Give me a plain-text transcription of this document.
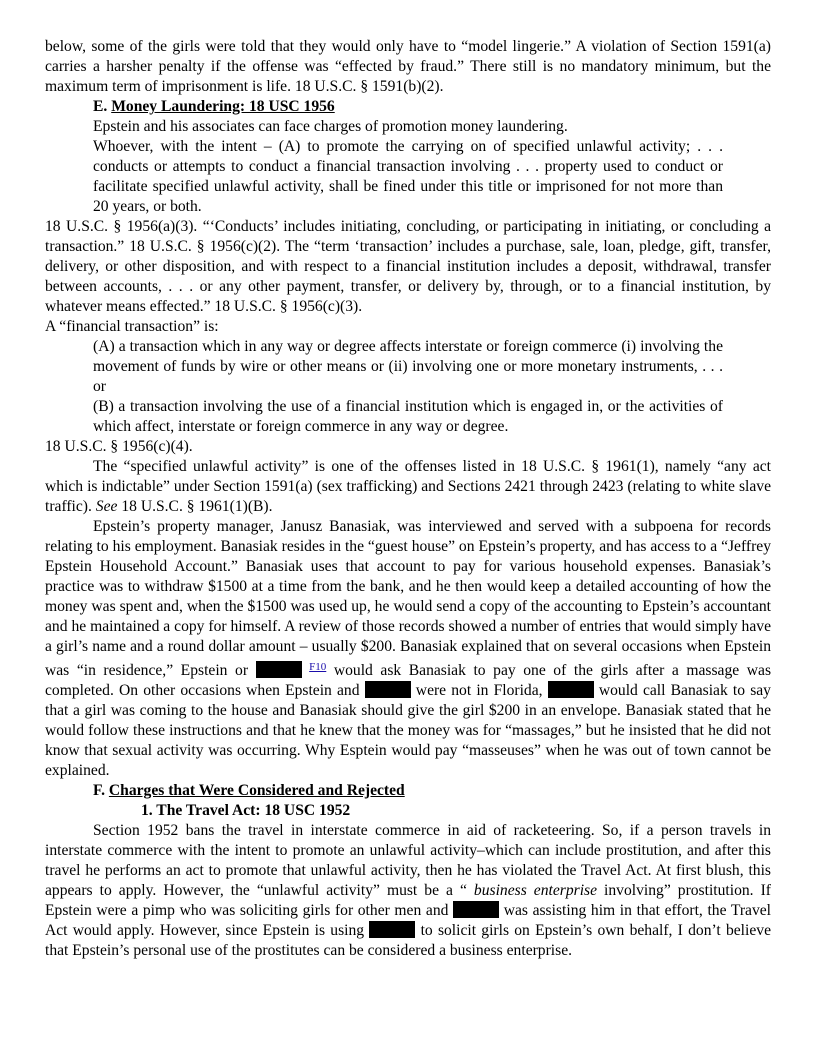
below, some of the girls were told that they would only have to “model lingerie.” A violation of Section 1591(a) carries a harsher penalty if the offense was “effected by fraud.” There still is no mandatory minimum, but the maximum term of imprisonment is life. 18 U.S.C. § 1591(b)(2).

E. Money Laundering: 18 USC 1956

Epstein and his associates can face charges of promotion money laundering.

Whoever, with the intent – (A) to promote the carrying on of specified unlawful activity; . . . conducts or attempts to conduct a financial transaction involving . . . property used to conduct or facilitate specified unlawful activity, shall be fined under this title or imprisoned for not more than 20 years, or both.

18 U.S.C. § 1956(a)(3). “‘Conducts’ includes initiating, concluding, or participating in initiating, or concluding a transaction.” 18 U.S.C. § 1956(c)(2). The “term ‘transaction’ includes a purchase, sale, loan, pledge, gift, transfer, delivery, or other disposition, and with respect to a financial institution includes a deposit, withdrawal, transfer between accounts, . . . or any other payment, transfer, or delivery by, through, or to a financial institution, by whatever means effected.” 18 U.S.C. § 1956(c)(3).

A “financial transaction” is:

(A) a transaction which in any way or degree affects interstate or foreign commerce (i) involving the movement of funds by wire or other means or (ii) involving one or more monetary instruments, . . . or

(B) a transaction involving the use of a financial institution which is engaged in, or the activities of which affect, interstate or foreign commerce in any way or degree.

18 U.S.C. § 1956(c)(4).

The “specified unlawful activity” is one of the offenses listed in 18 U.S.C. § 1961(1), namely “any act which is indictable” under Section 1591(a) (sex trafficking) and Sections 2421 through 2423 (relating to white slave traffic). See 18 U.S.C. § 1961(1)(B).

Epstein’s property manager, Janusz Banasiak, was interviewed and served with a subpoena for records relating to his employment. Banasiak resides in the “guest house” on Epstein’s property, and has access to a “Jeffrey Epstein Household Account.” Banasiak uses that account to pay for various household expenses. Banasiak’s practice was to withdraw $1500 at a time from the bank, and he then would keep a detailed accounting of how the money was spent and, when the $1500 was used up, he would send a copy of the accounting to Epstein’s accountant and he maintained a copy for himself. A review of those records showed a number of entries that would simply have a girl’s name and a round dollar amount – usually $200. Banasiak explained that on several occasions when Epstein was “in residence,” Epstein or	$^{F10}$ would ask Banasiak to pay one of the girls after a massage was completed. On other occasions when Epstein and	were not in Florida,	would call Banasiak to say that a girl was coming to the house and Banasiak should give the girl $200 in an envelope. Banasiak stated that he would follow these instructions and that he knew that the money was for “massages,” but he insisted that he did not know that sexual activity was occurring. Why Esptein would pay “masseuses” when he was out of town cannot be explained.

F. Charges that Were Considered and Rejected

1. The Travel Act: 18 USC 1952

Section 1952 bans the travel in interstate commerce in aid of racketeering. So, if a person travels in interstate commerce with the intent to promote an unlawful activity–which can include prostitution, and after this travel he performs an act to promote that unlawful activity, then he has violated the Travel Act. At first blush, this appears to apply. However, the “unlawful activity” must be a “ business enterprise involving” prostitution. If Epstein were a pimp who was soliciting girls for other men and	was assisting him in that effort, the Travel Act would apply. However, since Epstein is using	to solicit girls on Epstein’s own behalf, I don’t believe that Epstein’s personal use of the prostitutes can be considered a business enterprise.
